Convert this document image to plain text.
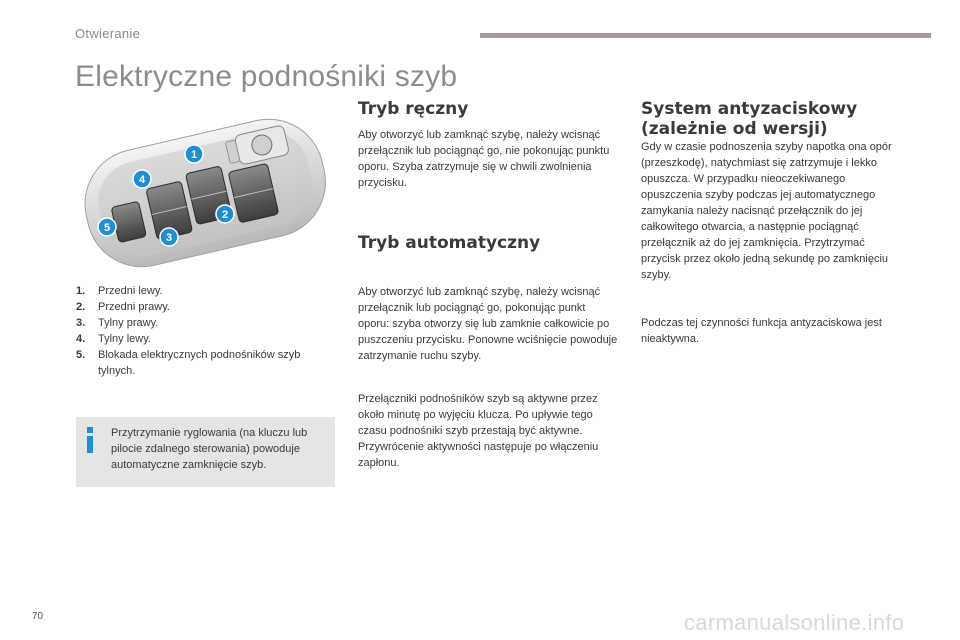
Otwieranie
Elektryczne podnośniki szyb
1
2
3
4
5
1. Przedni lewy.
2. Przedni prawy.
3. Tylny prawy.
4. Tylny lewy.
5. Blokada elektrycznych podnośników szyb tylnych.
Przytrzymanie ryglowania (na kluczu lub pilocie zdalnego sterowania) powoduje automatyczne zamknięcie szyb.
Tryb ręczny

Aby otworzyć lub zamknąć szybę, należy wcisnąć przełącznik lub pociągnąć go, nie pokonując punktu oporu. Szyba zatrzymuje się w chwili zwolnienia przycisku.

Tryb automatyczny

Aby otworzyć lub zamknąć szybę, należy wcisnąć przełącznik lub pociągnąć go, pokonując punkt oporu: szyba otworzy się lub zamknie całkowicie po puszczeniu przycisku. Ponowne wciśnięcie powoduje zatrzymanie ruchu szyby.

Przełączniki podnośników szyb są aktywne przez około minutę po wyjęciu klucza. Po upływie tego czasu podnośniki szyb przestają być aktywne. Przywrócenie aktywności następuje po włączeniu zapłonu.

System antyzaciskowy
(zależnie od wersji)

Gdy w czasie podnoszenia szyby napotka ona opór (przeszkodę), natychmiast się zatrzymuje i lekko opuszcza. W przypadku nieoczekiwanego opuszczenia szyby podczas jej automatycznego zamykania należy nacisnąć przełącznik do jej całkowitego otwarcia, a następnie pociągnąć przełącznik aż do jej zamknięcia. Przytrzymać przycisk przez około jedną sekundę po zamknięciu szyby.

Podczas tej czynności funkcja antyzaciskowa jest nieaktywna.

70	carmanualsonline.info
